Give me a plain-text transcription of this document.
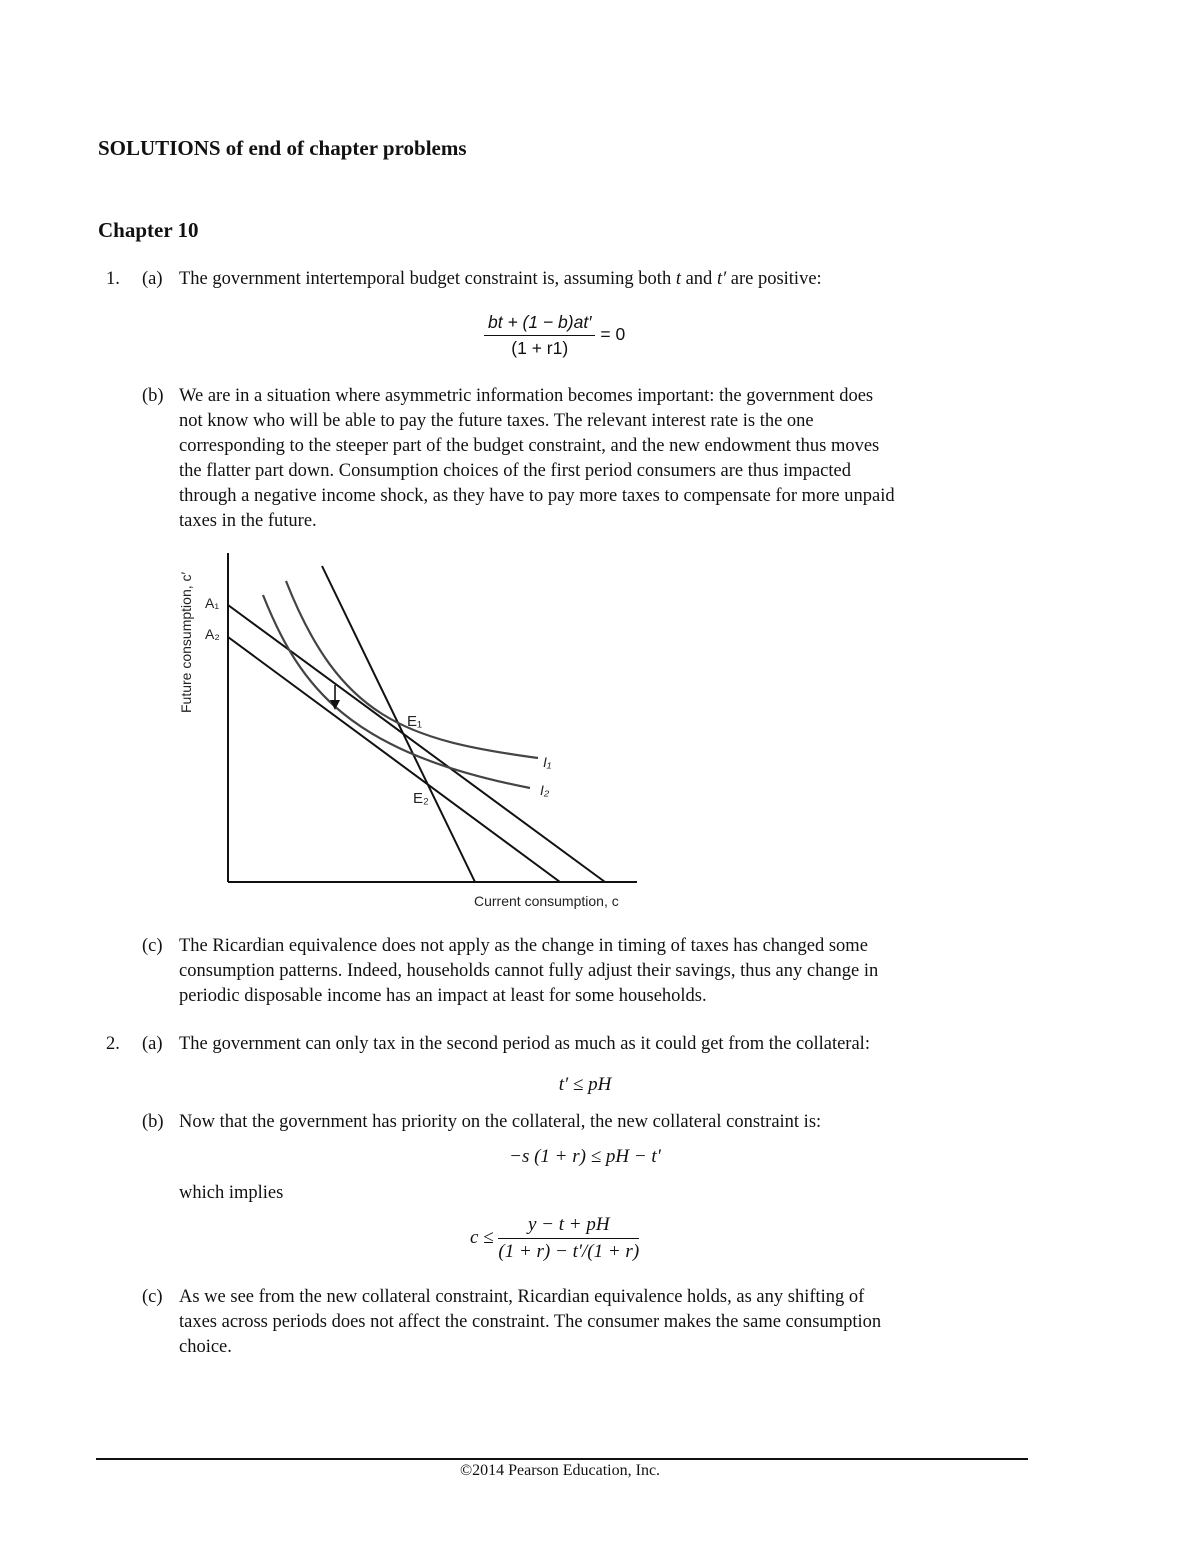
SOLUTIONS of end of chapter problems
Chapter 10
1. (a) The government intertemporal budget constraint is, assuming both t and t′ are positive:
$\frac{bt + (1 - b)at'}{(1 + r1)} = 0$
(b) We are in a situation where asymmetric information becomes important: the government does
not know who will be able to pay the future taxes. The relevant interest rate is the one
corresponding to the steeper part of the budget constraint, and the new endowment thus moves
the flatter part down. Consumption choices of the first period consumers are thus impacted
through a negative income shock, as they have to pay more taxes to compensate for more unpaid
taxes in the future.
Future consumption, c′
Current consumption, c
A₁
A₂
E₁
E₂
I₁
I₂
(c) The Ricardian equivalence does not apply as the change in timing of taxes has changed some
consumption patterns. Indeed, households cannot fully adjust their savings, thus any change in
periodic disposable income has an impact at least for some households.
2. (a) The government can only tax in the second period as much as it could get from the collateral:
t′ ≤ pH
(b) Now that the government has priority on the collateral, the new collateral constraint is:
−s (1 + r) ≤ pH − t′
which implies
$c \le \frac{y - t + pH}{(1 + r) - t'/(1 + r)}$
(c) As we see from the new collateral constraint, Ricardian equivalence holds, as any shifting of
taxes across periods does not affect the constraint. The consumer makes the same consumption
choice.
©2014 Pearson Education, Inc.
